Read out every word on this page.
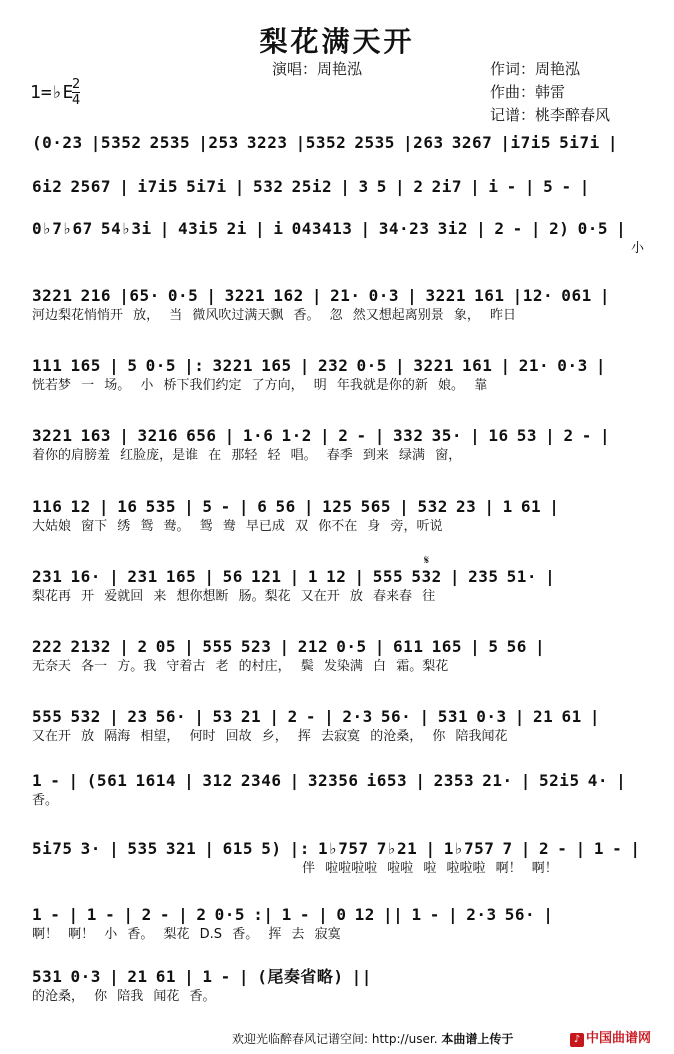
梨花满天开
演唱：周艳泓	作词：周艳泓
作曲：韩雷
记谱：桃李醉春风
1=♭E
2
4
(0·23 |5352 2535 |253 3223 |5352 2535 |263 3267 |i7i5 5i7i |
6i2 2567 | i7i5 5i7i | 532 25i2 | 3 5 | 2 2i7 | i - | 5 - |
0♭7♭67 54♭3i | 43i5 2i | i 043413 | 34·23 3i2 | 2 - | 2) 0·5 |
小
3221 216 |65· 0·5 | 3221 162 | 21· 0·3 | 3221 161 |12· 061 |
河边梨花悄悄开 放， 当 微风吹过满天飘 香。 忽 然又想起离别景 象， 昨日
111 165 | 5 0·5 |: 3221 165 | 232 0·5 | 3221 161 | 21· 0·3 |
恍若梦 一 场。 小 桥下我们约定 了方向， 明 年我就是你的新 娘。 靠
3221 163 | 3216 656 | 1·6 1·2 | 2 - | 332 35· | 16 53 | 2 - |
着你的肩膀羞 红脸庞，是谁 在 那轻 轻 唱。 春季 到来 绿满 窗，
116 12 | 16 535 | 5 - | 6 56 | 125 565 | 532 23 | 1 61 |
大姑娘 窗下 绣 鸳 鸯。 鸳 鸯 早已成 双 你不在 身 旁，听说
𝄋
231 16· | 231 165 | 56 121 | 1 12 | 555 532 | 235 51· |
梨花再 开 爱就回 来 想你想断 肠。梨花 又在开 放 春来春 往
222 2132 | 2 05 | 555 523 | 212 0·5 | 611 165 | 5 56 |
无奈天 各一 方。我 守着古 老 的村庄， 鬓 发染满 白 霜。梨花
555 532 | 23 56· | 53 21 | 2 - | 2·3 56· | 531 0·3 | 21 61 |
又在开 放 隔海 相望， 何时 回故 乡， 挥 去寂寞 的沧桑， 你 陪我闻花
1 - | (561 1614 | 312 2346 | 32356 i653 | 2353 21· | 52i5 4· |
香。
5i75 3· | 535 321 | 615 5) |: 1♭757 7♭21 | 1♭757 7 | 2 - | 1 - |
伴 啦啦啦啦 啦啦 啦 啦啦啦 啊！ 啊！
1 - | 1 - | 2 - | 2 0·5 :| 1 - | 0 12 || 1 - | 2·3 56· |
啊！ 啊！ 小 香。 梨花 D.S 香。 挥 去 寂寞
531 0·3 | 21 61 | 1 - | (尾奏省略) ||
的沧桑， 你 陪我 闻花 香。
欢迎光临醉春风记谱空间: http://user. 本曲谱上传于	♪ 中国曲谱网
